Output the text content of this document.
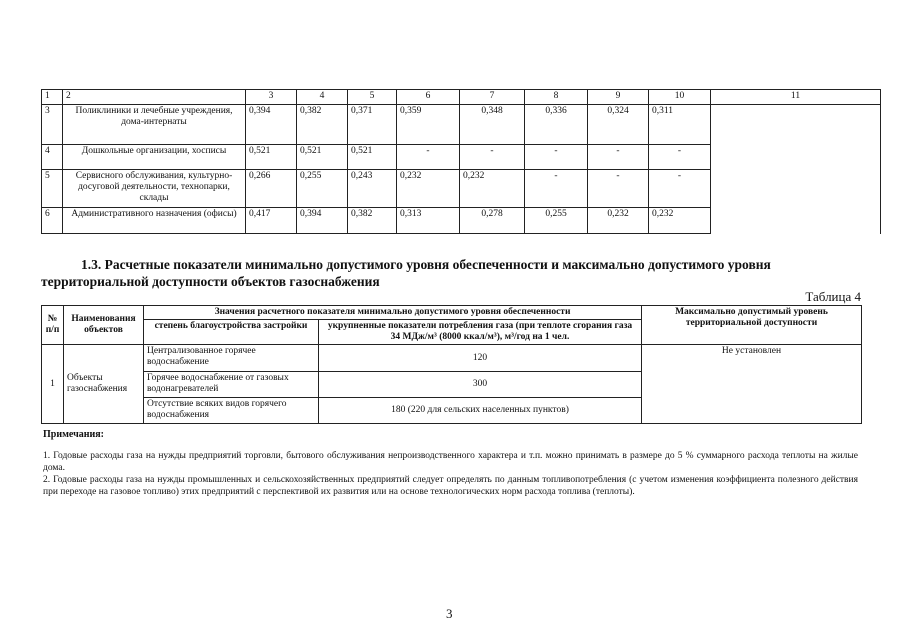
1	2	3	4	5	6	7	8	9	10	11
3	Поликлиники и лечебные учреждения, дома-интернаты	0,394	0,382	0,371	0,359	0,348	0,336	0,324	0,311	
4	Дошкольные организации, хосписы	0,521	0,521	0,521	-	-	-	-	-	
5	Сервисного обслуживания, культурно-досуговой деятельности, технопарки, склады	0,266	0,255	0,243	0,232	0,232	-	-	-	
6	Административного назначения (офисы)	0,417	0,394	0,382	0,313	0,278	0,255	0,232	0,232	

1.3. Расчетные показатели минимально допустимого уровня обеспеченности и максимально допустимого уровня территориальной доступности объектов газоснабжения

Таблица 4
№ п/п	Наименования объектов	Значения расчетного показателя минимально допустимого уровня обеспеченности		Максимально допустимый уровень территориальной доступности
		степень благоустройства застройки	укрупненные показатели потребления газа (при теплоте сгорания газа 34 МДж/м³ (8000 ккал/м³), м³/год на 1 чел.	
1	Объекты газоснабжения	Централизованное горячее водоснабжение	120	Не установлен
		Горячее водоснабжение от газовых водонагревателей	300	
		Отсутствие всяких видов горячего водоснабжения	180 (220 для сельских населенных пунктов)	

Примечания:

1. Годовые расходы газа на нужды предприятий торговли, бытового обслуживания непроизводственного характера и т.п. можно принимать в размере до 5 % суммарного расхода теплоты на жилые дома.

2. Годовые расходы газа на нужды промышленных и сельскохозяйственных предприятий следует определять по данным топливопотребления (с учетом изменения коэффициента полезного действия при переходе на газовое топливо) этих предприятий с перспективой их развития или на основе технологических норм расхода топлива (теплоты).

3
